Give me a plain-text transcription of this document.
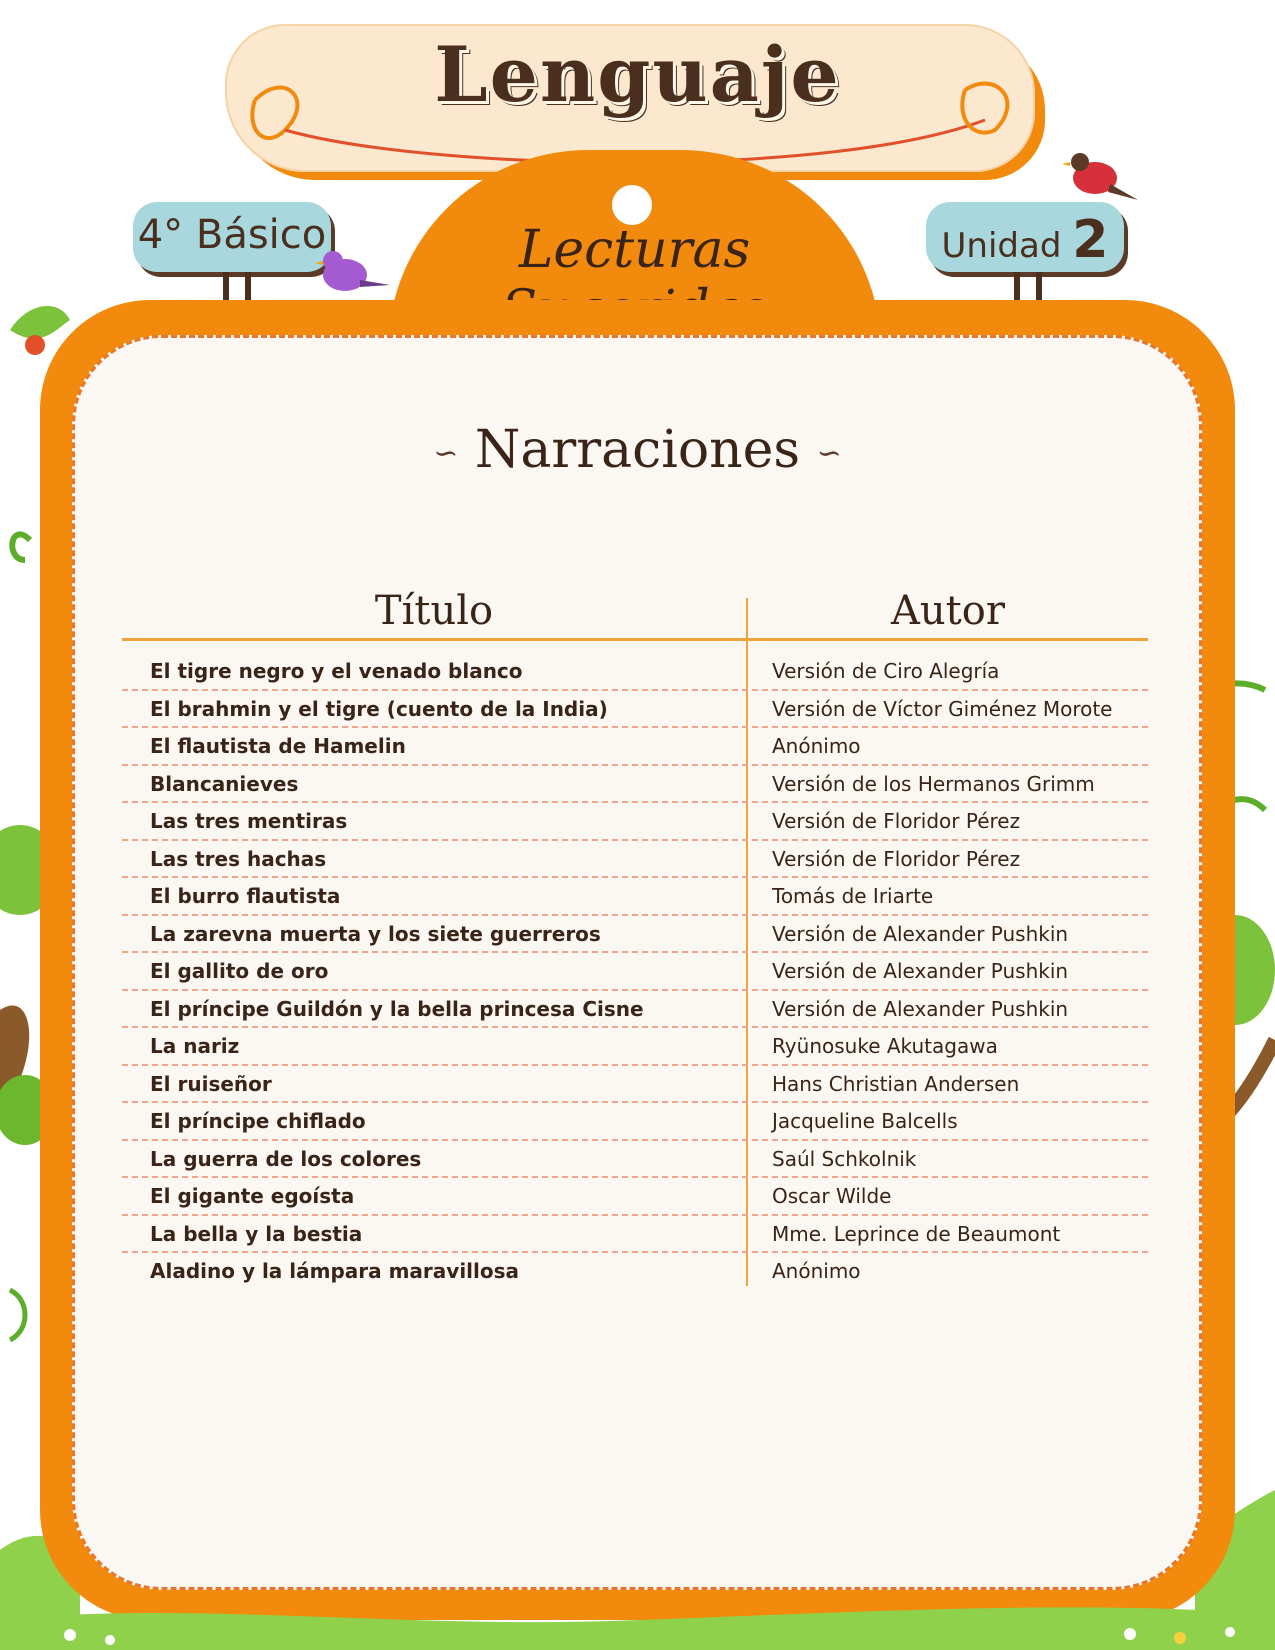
Lenguaje
Lecturas
4° Básico	Unidad 2
∽ Narraciones ∽
Título	Autor
El tigre negro y el venado blanco	Versión de Ciro Alegría
El brahmin y el tigre (cuento de la India)	Versión de Víctor Giménez Morote
El flautista de Hamelin	Anónimo
Blancanieves	Versión de los Hermanos Grimm
Las tres mentiras	Versión de Floridor Pérez
Las tres hachas	Versión de Floridor Pérez
El burro flautista	Tomás de Iriarte
La zarevna muerta y los siete guerreros	Versión de Alexander Pushkin
El gallito de oro	Versión de Alexander Pushkin
El príncipe Guildón y la bella princesa Cisne	Versión de Alexander Pushkin
La nariz	Ryünosuke Akutagawa
El ruiseñor	Hans Christian Andersen
El príncipe chiflado	Jacqueline Balcells
La guerra de los colores	Saúl Schkolnik
El gigante egoísta	Oscar Wilde
La bella y la bestia	Mme. Leprince de Beaumont
Aladino y la lámpara maravillosa	Anónimo
